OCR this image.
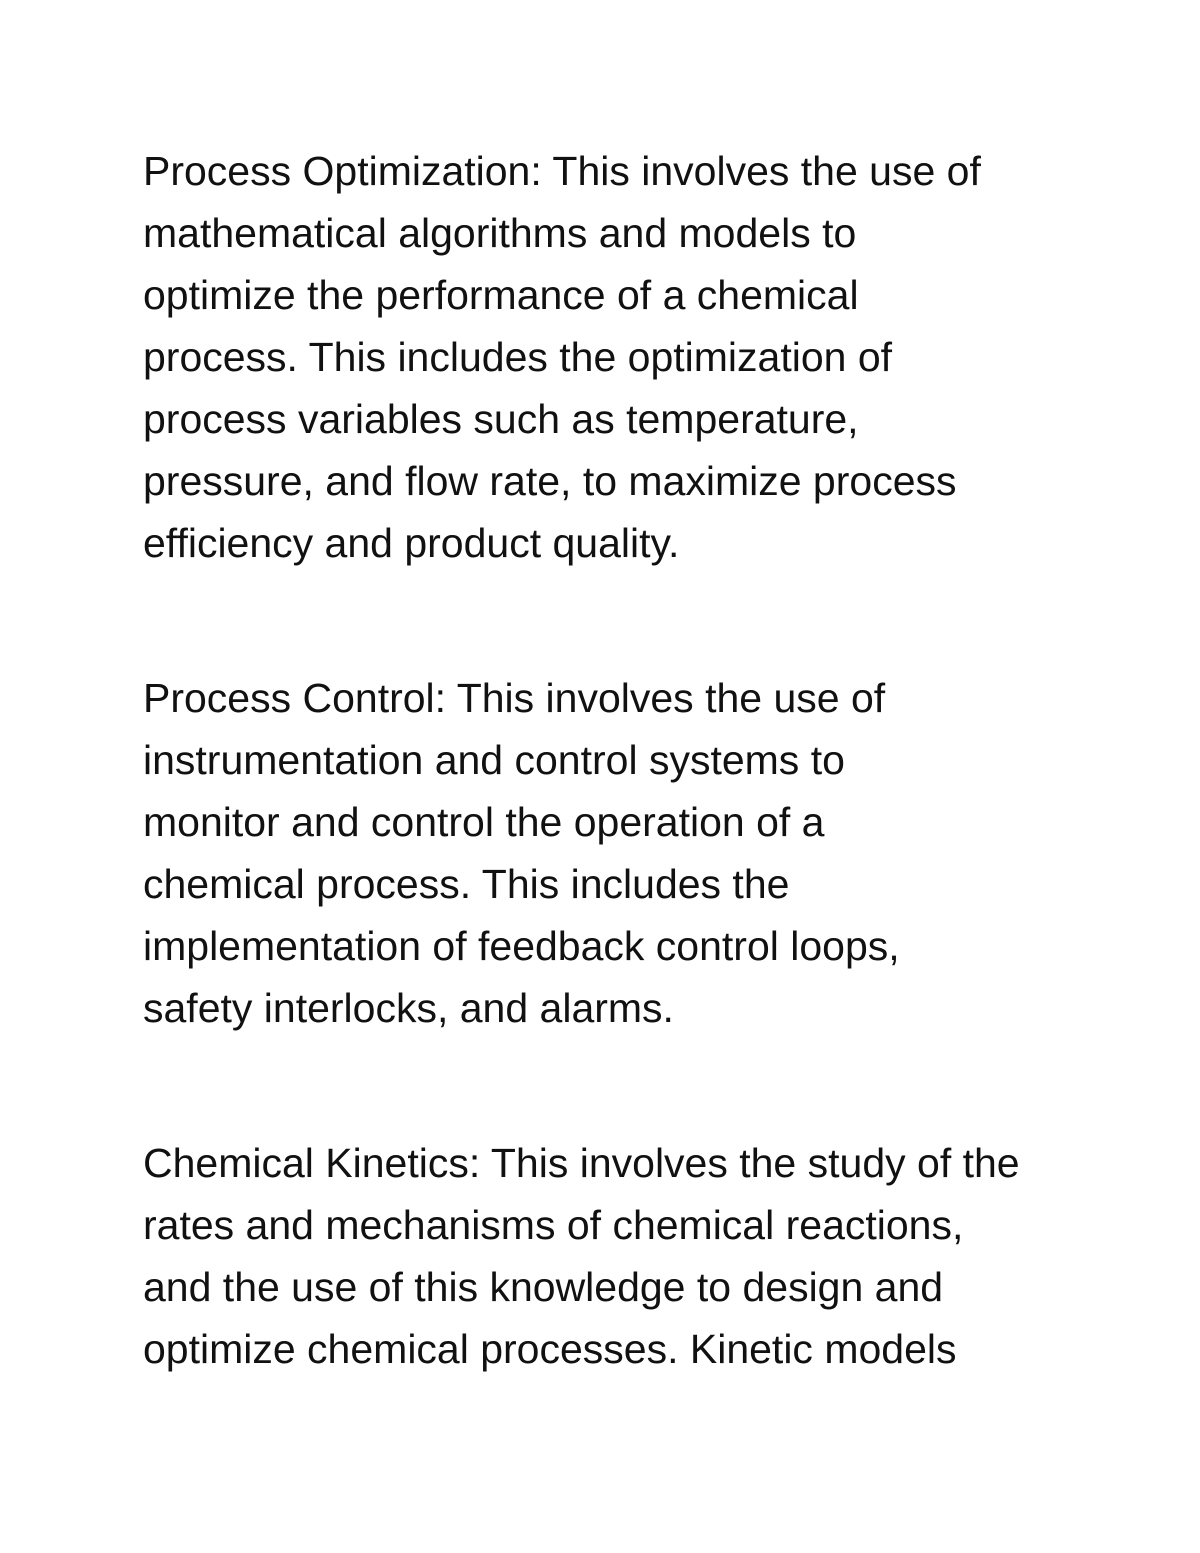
Process Optimization: This involves the use of
mathematical algorithms and models to
optimize the performance of a chemical
process. This includes the optimization of
process variables such as temperature,
pressure, and flow rate, to maximize process
efficiency and product quality.
Process Control: This involves the use of
instrumentation and control systems to
monitor and control the operation of a
chemical process. This includes the
implementation of feedback control loops,
safety interlocks, and alarms.
Chemical Kinetics: This involves the study of the
rates and mechanisms of chemical reactions,
and the use of this knowledge to design and
optimize chemical processes. Kinetic models
